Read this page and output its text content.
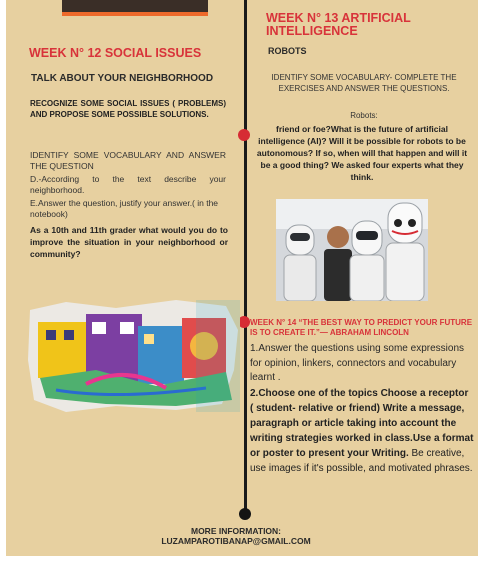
WEEK N° 12 SOCIAL ISSUES
TALK ABOUT YOUR NEIGHBORHOOD
RECOGNIZE SOME SOCIAL ISSUES ( PROBLEMS) AND PROPOSE SOME POSSIBLE SOLUTIONS.
IDENTIFY SOME VOCABULARY AND ANSWER THE QUESTION
D.-According to the text describe your neighborhood.
E.Answer the question, justify your answer.( in the notebook)
As a 10th and 11th grader what would you do to improve the situation in your neighborhood or community?
WEEK N° 13 ARTIFICIAL INTELLIGENCE
ROBOTS
IDENTIFY SOME VOCABULARY- COMPLETE THE EXERCISES AND ANSWER THE QUESTIONS.
Robots:
friend or foe?What is the future of artificial intelligence (AI)? Will it be possible for robots to be autonomous? If so, when will that happen and will it be a good thing? We asked four experts what they think.
WEEK N° 14 “THE BEST WAY TO PREDICT YOUR FUTURE IS TO CREATE IT.”― ABRAHAM LINCOLN
1.Answer the questions using some expressions for opinion, linkers, connectors and vocabulary learnt .
2.Choose one of the topics Choose a receptor ( student- relative or friend) Write a message, paragraph or article taking into account the writing strategies worked in class.Use a format or poster to present your Writing. Be creative, use images if it's possible, and motivated phrases.
MORE INFORMATION:
LUZAMPAROTIBANAP@GMAIL.COM
